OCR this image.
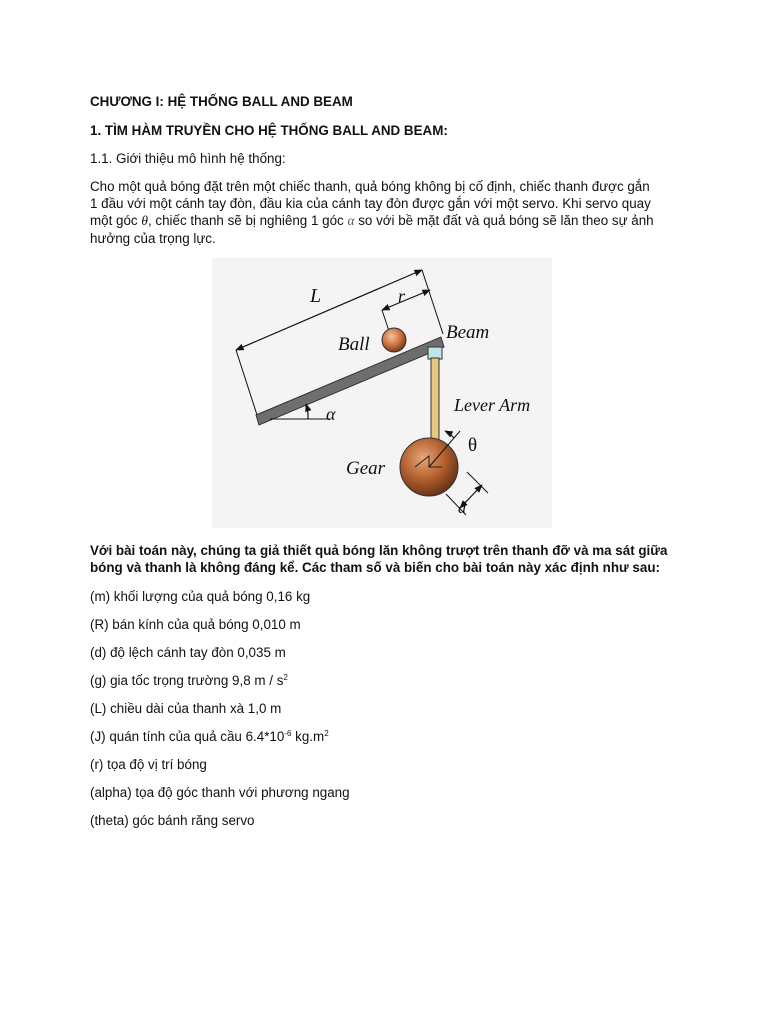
CHƯƠNG I: HỆ THỐNG BALL AND BEAM

1. TÌM HÀM TRUYỀN CHO HỆ THỐNG BALL AND BEAM:

1.1. Giới thiệu mô hình hệ thống:

Cho một quả bóng đặt trên một chiếc thanh, quả bóng không bị cố định, chiếc thanh được gắn

1 đầu với một cánh tay đòn, đầu kia của cánh tay đòn được gắn với một servo. Khi servo quay

một góc θ, chiếc thanh sẽ bị nghiêng 1 góc α so với bề mặt đất và quả bóng sẽ lăn theo sự ảnh

hưởng của trọng lực.

L	r
Ball
Beam
Lever Arm
α
θ
Gear
d

Với bài toán này, chúng ta giả thiết quả bóng lăn không trượt trên thanh đỡ và ma sát giữa

bóng và thanh là không đáng kể. Các tham số và biến cho bài toán này xác định như sau:

(m) khối lượng của quả bóng 0,16 kg

(R) bán kính của quả bóng 0,010 m

(d) độ lệch cánh tay đòn 0,035 m

(g) gia tốc trọng trường 9,8 m / $s^2$

(L) chiều dài của thanh xà 1,0 m

(J) quán tính của quả cầu $6.4*10^{-6}$ $kg.m^2$

(r) tọa độ vị trí bóng

(alpha) tọa độ góc thanh với phương ngang

(theta) góc bánh răng servo
